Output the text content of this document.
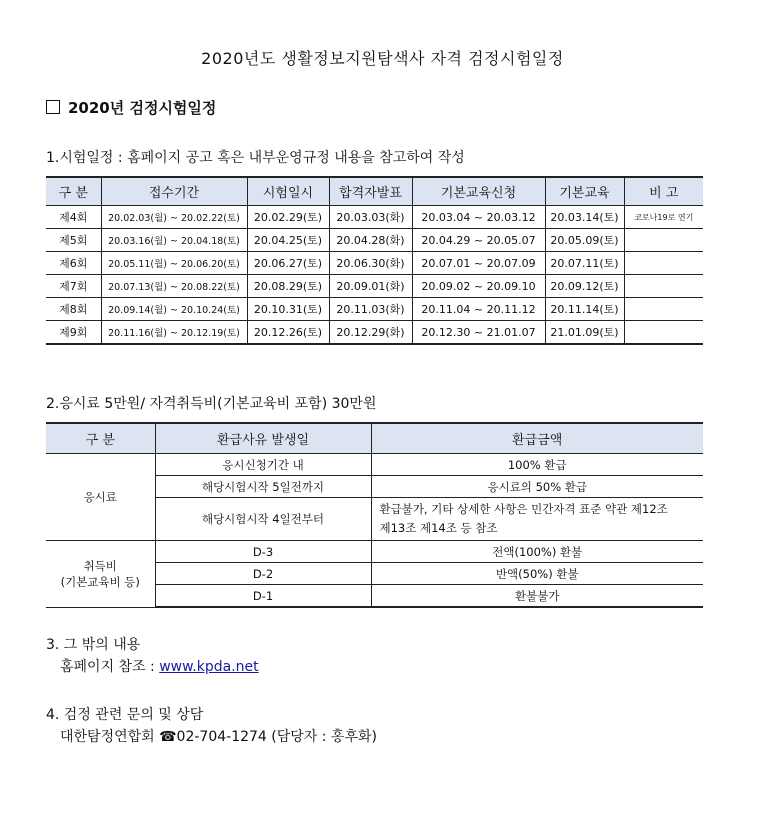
2020년도 생활정보지원탐색사 자격 검정시험일정
2020년 검정시험일정
1.시험일정 : 홈페이지 공고 혹은 내부운영규정 내용을 참고하여 작성
구 분	접수기간	시험일시	합격자발표	기본교육신청	기본교육	비 고
제4회	20.02.03(월) ~ 20.02.22(토)	20.02.29(토)	20.03.03(화)	20.03.04 ~ 20.03.12	20.03.14(토)	코로나19로 연기
제5회	20.03.16(월) ~ 20.04.18(토)	20.04.25(토)	20.04.28(화)	20.04.29 ~ 20.05.07	20.05.09(토)	
제6회	20.05.11(월) ~ 20.06.20(토)	20.06.27(토)	20.06.30(화)	20.07.01 ~ 20.07.09	20.07.11(토)	
제7회	20.07.13(월) ~ 20.08.22(토)	20.08.29(토)	20.09.01(화)	20.09.02 ~ 20.09.10	20.09.12(토)	
제8회	20.09.14(월) ~ 20.10.24(토)	20.10.31(토)	20.11.03(화)	20.11.04 ~ 20.11.12	20.11.14(토)	
제9회	20.11.16(월) ~ 20.12.19(토)	20.12.26(토)	20.12.29(화)	20.12.30 ~ 21.01.07	21.01.09(토)	
2.응시료 5만원/ 자격취득비(기본교육비 포함) 30만원
구 분	환급사유 발생일	환급금액
응시료	응시신청기간 내	100% 환급
	해당시험시작 5일전까지	응시료의 50% 환급
	해당시험시작 4일전부터	환급불가, 기타 상세한 사항은 민간자격 표준 약관 제12조
제13조 제14조 등 참조

취득비
(기본교육비 등)	D-3	전액(100%) 환불
	D-2	반액(50%) 환불
	D-1	환불불가
3. 그 밖의 내용
홈페이지 참조 : www.kpda.net
4. 검정 관련 문의 및 상담
대한탐정연합회 ☎02-704-1274 (담당자 : 홍후화)
